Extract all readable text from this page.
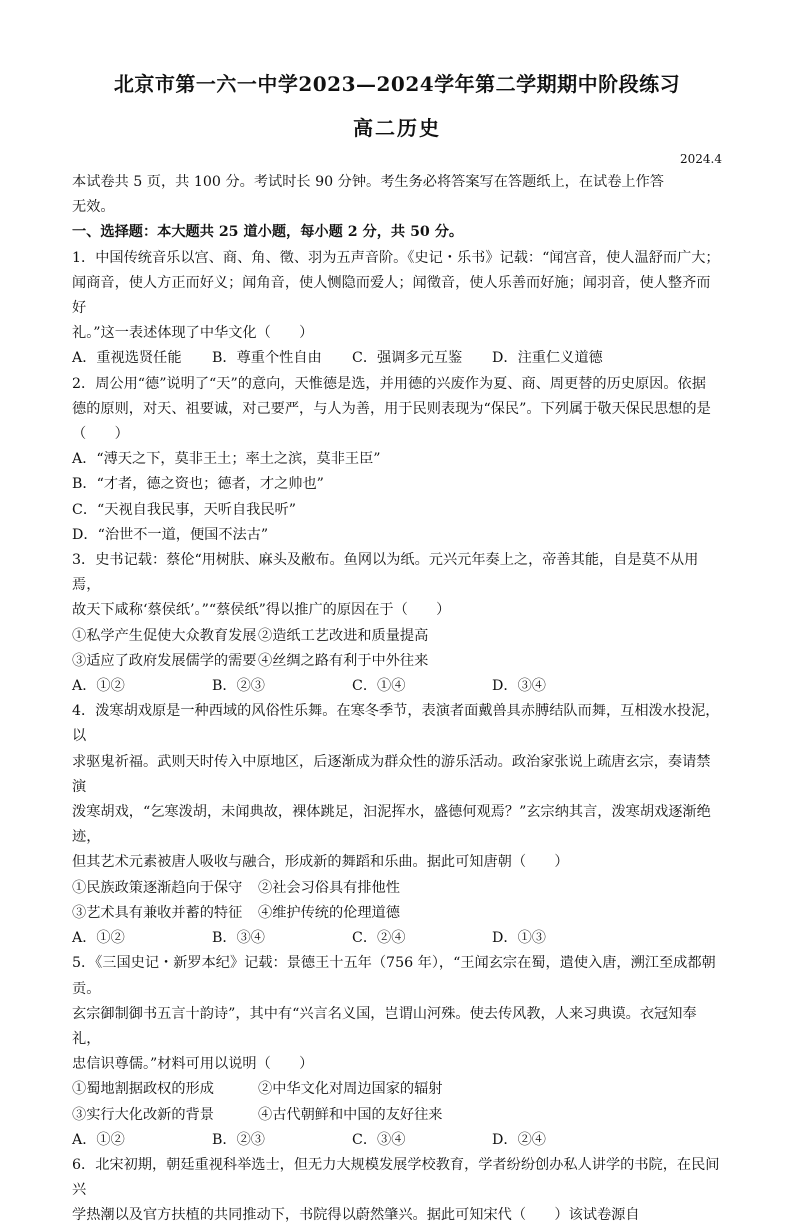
北京市第一六一中学2023—2024学年第二学期期中阶段练习
高二历史
2024.4

本试卷共 5 页，共 100 分。考试时长 90 分钟。考生务必将答案写在答题纸上，在试卷上作答

无效。

一、选择题：本大题共 25 道小题，每小题 2 分，共 50 分。

1．中国传统音乐以宫、商、角、徵、羽为五声音阶。《史记・乐书》记载：“闻宫音，使人温舒而广大；

闻商音，使人方正而好义；闻角音，使人恻隐而爱人；闻徵音，使人乐善而好施；闻羽音，使人整齐而好

礼。”这一表述体现了中华文化（　　）

A．重视选贤任能	B．尊重个性自由	C．强调多元互鉴	D．注重仁义道德

2．周公用“德”说明了“天”的意向，天惟德是选，并用德的兴废作为夏、商、周更替的历史原因。依据

德的原则，对天、祖要诚，对己要严，与人为善，用于民则表现为“保民”。下列属于敬天保民思想的是

（　　）

A．“溥天之下，莫非王土；率土之滨，莫非王臣”

B．“才者，德之资也；德者，才之帅也”

C．“天视自我民事，天听自我民听”

D．“治世不一道，便国不法古”

3．史书记载：蔡伦“用树肤、麻头及敝布。鱼网以为纸。元兴元年奏上之，帝善其能，自是莫不从用焉，

故天下咸称‘蔡侯纸’。”“蔡侯纸”得以推广的原因在于（　　）

①私学产生促使大众教育发展 ②造纸工艺改进和质量提高
③适应了政府发展儒学的需要 ④丝绸之路有利于中外往来
A．①②	B．②③	C．①④	D．③④

4．泼寒胡戏原是一种西域的风俗性乐舞。在寒冬季节，表演者面戴兽具赤膊结队而舞，互相泼水投泥，以

求驱鬼祈福。武则天时传入中原地区，后逐渐成为群众性的游乐活动。政治家张说上疏唐玄宗，奏请禁演

泼寒胡戏，“乞寒泼胡，未闻典故，裸体跳足，汩泥挥水，盛德何观焉？”玄宗纳其言，泼寒胡戏逐渐绝迹，

但其艺术元素被唐人吸收与融合，形成新的舞蹈和乐曲。据此可知唐朝（　　）

①民族政策逐渐趋向于保守	②社会习俗具有排他性
③艺术具有兼收并蓄的特征	④维护传统的伦理道德
A．①②	B．③④	C．②④	D．①③

5．《三国史记・新罗本纪》记载：景德王十五年（756 年），“王闻玄宗在蜀，遣使入唐，溯江至成都朝贡。

玄宗御制御书五言十韵诗”，其中有“兴言名义国，岂谓山河殊。使去传风教，人来习典谟。衣冠知奉礼，

忠信识尊儒。”材料可用以说明（　　）

①蜀地割据政权的形成	②中华文化对周边国家的辐射
③实行大化改新的背景	④古代朝鲜和中国的友好往来
A．①②	B．②③	C．③④	D．②④

6．北宋初期，朝廷重视科举选士，但无力大规模发展学校教育，学者纷纷创办私人讲学的书院，在民间兴

学热潮以及官方扶植的共同推动下，书院得以蔚然肇兴。据此可知宋代（　　）该试卷源自
